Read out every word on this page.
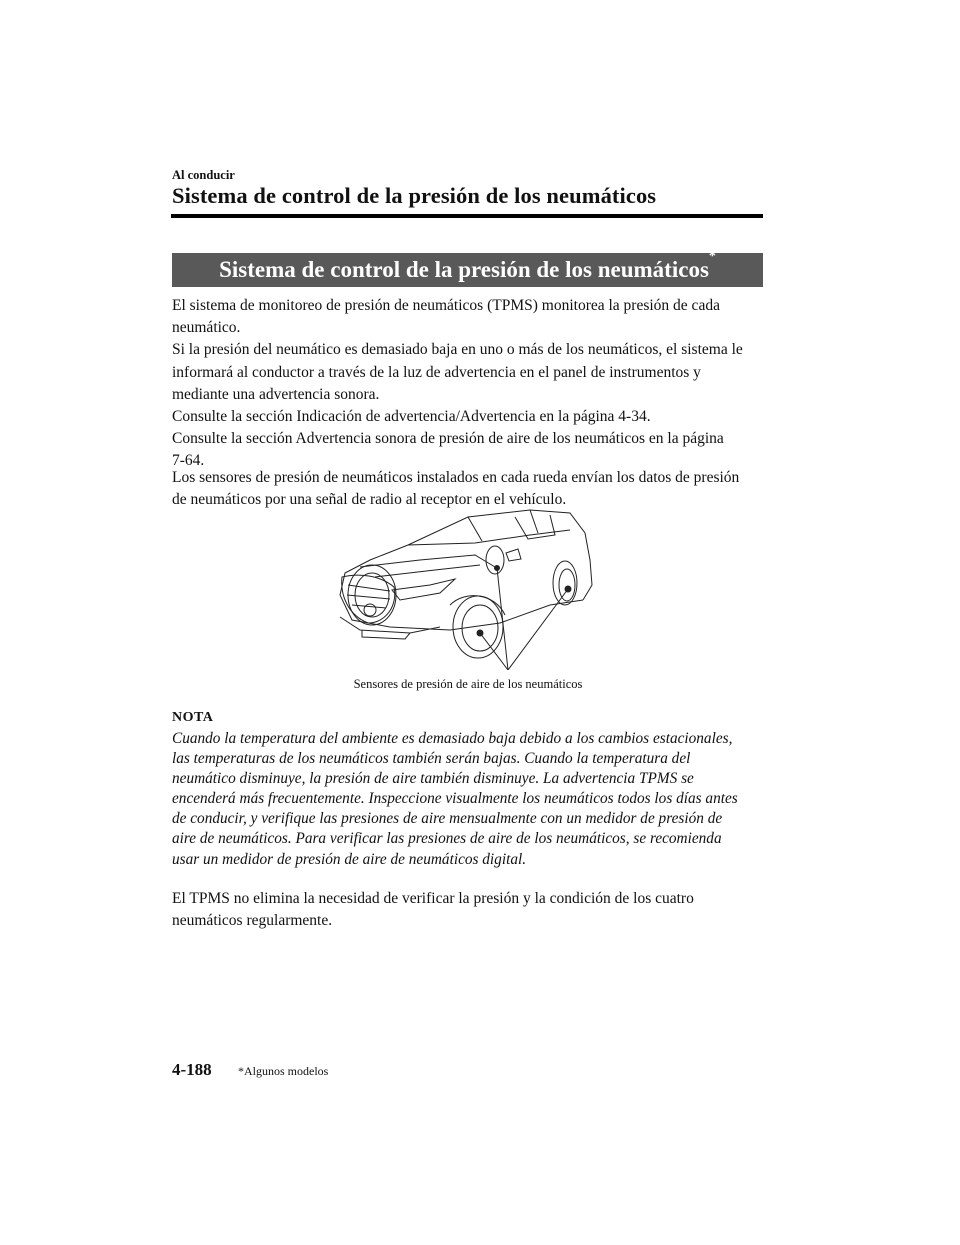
Al conducir
Sistema de control de la presión de los neumáticos
Sistema de control de la presión de los neumáticos*
El sistema de monitoreo de presión de neumáticos (TPMS) monitorea la presión de cada
neumático.
Si la presión del neumático es demasiado baja en uno o más de los neumáticos, el sistema le
informará al conductor a través de la luz de advertencia en el panel de instrumentos y
mediante una advertencia sonora.
Consulte la sección Indicación de advertencia/Advertencia en la página 4-34.
Consulte la sección Advertencia sonora de presión de aire de los neumáticos en la página
7-64.
Los sensores de presión de neumáticos instalados en cada rueda envían los datos de presión
de neumáticos por una señal de radio al receptor en el vehículo.
Sensores de presión de aire de los neumáticos
NOTA
Cuando la temperatura del ambiente es demasiado baja debido a los cambios estacionales,
las temperaturas de los neumáticos también serán bajas. Cuando la temperatura del
neumático disminuye, la presión de aire también disminuye. La advertencia TPMS se
encenderá más frecuentemente. Inspeccione visualmente los neumáticos todos los días antes
de conducir, y verifique las presiones de aire mensualmente con un medidor de presión de
aire de neumáticos. Para verificar las presiones de aire de los neumáticos, se recomienda
usar un medidor de presión de aire de neumáticos digital.
El TPMS no elimina la necesidad de verificar la presión y la condición de los cuatro
neumáticos regularmente.
4-188 *Algunos modelos
